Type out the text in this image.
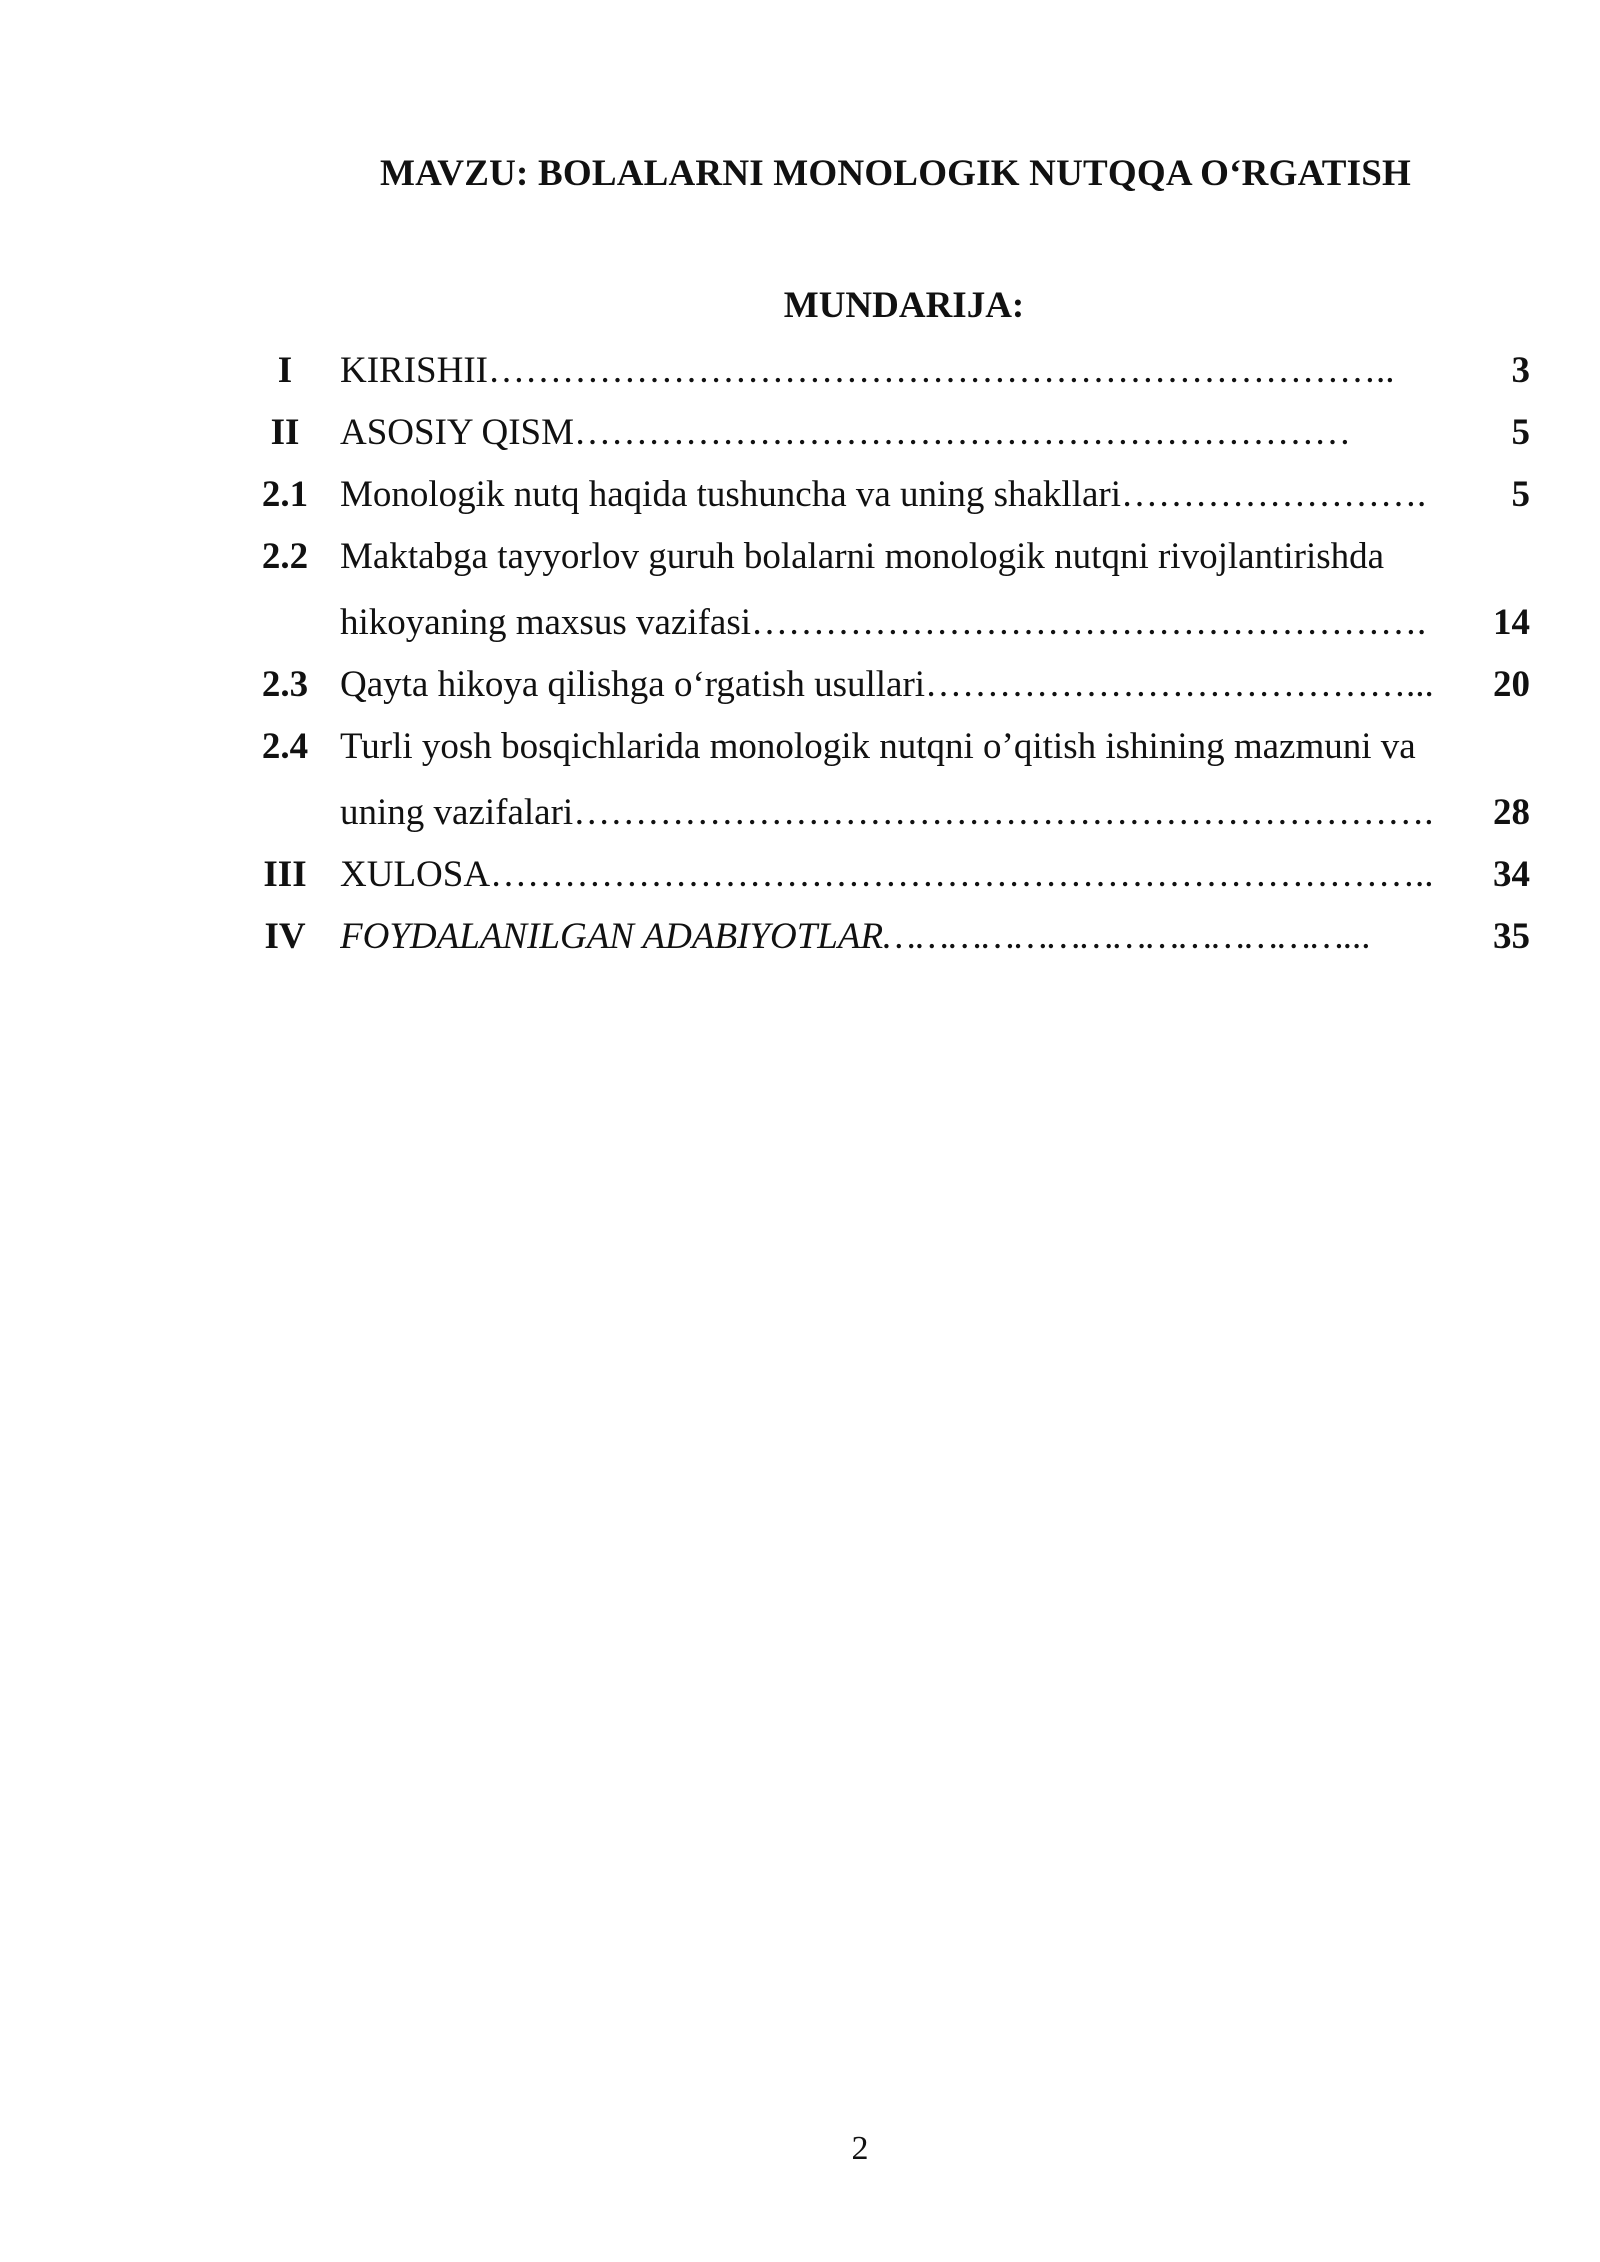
MAVZU: BOLALARNI MONOLOGIK NUTQQA O‘RGATISH
MUNDARIJA:
I	KIRISHII………………………………………………………………..	3
II	ASOSIY QISM………………………………………………………	5
2.1 Monologik nutq haqida tushuncha va uning shakllari…………………….	5
2.2 Maktabga tayyorlov guruh bolalarni monologik nutqni rivojlantirishda
hikoyaning maxsus vazifasi……………………………………………….	14
2.3 Qayta hikoya qilishga o‘rgatish usullari…………………………………...	20
2.4 Turli yosh bosqichlarida monologik nutqni o’qitish ishining mazmuni va
uning vazifalari…………………………………………………………….	28
III XULOSA…………………………………………………………………..	34
IV FOYDALANILGAN ADABIYOTLAR……………………………………...	35
2
